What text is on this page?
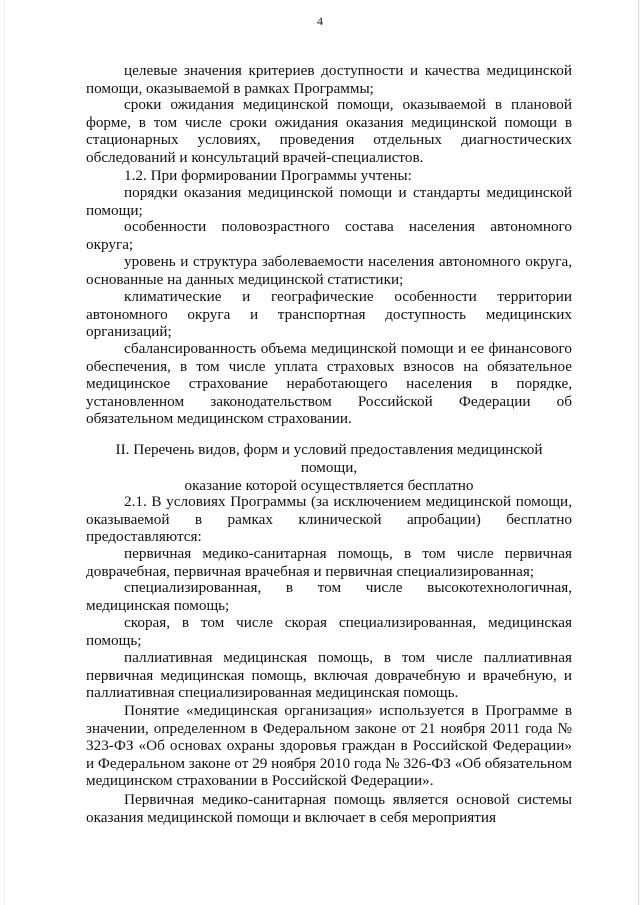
4
целевые значения критериев доступности и качества медицинской помощи, оказываемой в рамках Программы;
сроки ожидания медицинской помощи, оказываемой в плановой форме, в том числе сроки ожидания оказания медицинской помощи в стационарных условиях, проведения отдельных диагностических обследований и консультаций врачей-специалистов.
1.2. При формировании Программы учтены:
порядки оказания медицинской помощи и стандарты медицинской помощи;
особенности половозрастного состава населения автономного округа;
уровень и структура заболеваемости населения автономного округа, основанные на данных медицинской статистики;
климатические и географические особенности территории автономного округа и транспортная доступность медицинских организаций;
сбалансированность объема медицинской помощи и ее финансового обеспечения, в том числе уплата страховых взносов на обязательное медицинское страхование неработающего населения в порядке, установленном законодательством Российской Федерации об обязательном медицинском страховании.
II. Перечень видов, форм и условий предоставления медицинской помощи,
оказание которой осуществляется бесплатно
2.1. В условиях Программы (за исключением медицинской помощи, оказываемой в рамках клинической апробации) бесплатно предоставляются:
первичная медико-санитарная помощь, в том числе первичная доврачебная, первичная врачебная и первичная специализированная;
специализированная, в том числе высокотехнологичная, медицинская помощь;
скорая, в том числе скорая специализированная, медицинская помощь;
паллиативная медицинская помощь, в том числе паллиативная первичная медицинская помощь, включая доврачебную и врачебную, и паллиативная специализированная медицинская помощь.
Понятие «медицинская организация» используется в Программе в значении, определенном в Федеральном законе от 21 ноября 2011 года № 323-ФЗ «Об основах охраны здоровья граждан в Российской Федерации» и Федеральном законе от 29 ноября 2010 года № 326-ФЗ «Об обязательном медицинском страховании в Российской Федерации».
Первичная медико-санитарная помощь является основой системы оказания медицинской помощи и включает в себя мероприятия
